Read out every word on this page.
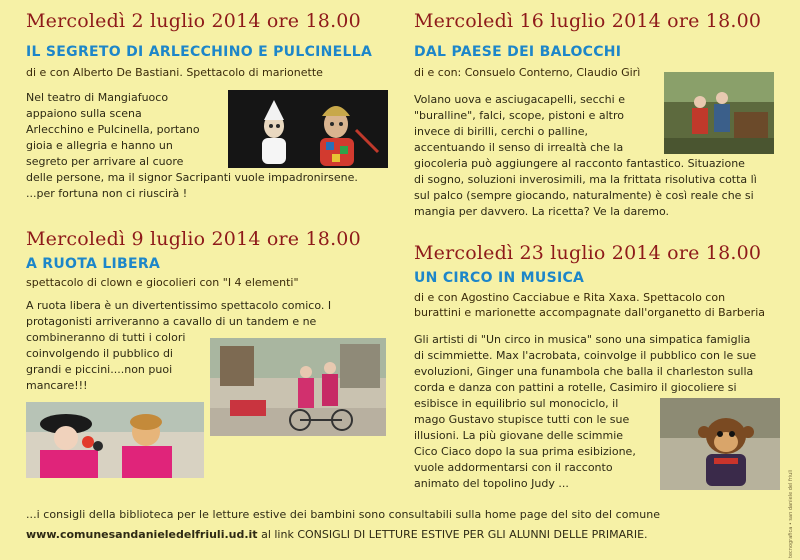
Mercoledì 2 luglio 2014 ore 18.00
IL SEGRETO DI ARLECCHINO E PULCINELLA
di e con Alberto De Bastiani. Spettacolo di marionette
Nel teatro di Mangiafuoco
appaiono sulla scena
Arlecchino e Pulcinella, portano
gioia e allegria e hanno un
segreto per arrivare al cuore
delle persone, ma il signor Sacripanti vuole impadronirsene.
...per fortuna non ci riuscirà !
Mercoledì 9 luglio 2014 ore 18.00
A RUOTA LIBERA
spettacolo di clown e giocolieri con "I 4 elementi"
A ruota libera è un divertentissimo spettacolo comico. I
protagonisti arriveranno a cavallo di un tandem e ne
combineranno di tutti i colori
coinvolgendo il pubblico di
grandi e piccini....non puoi
mancare!!!
Mercoledì 16 luglio 2014 ore 18.00
DAL PAESE DEI BALOCCHI
di e con: Consuelo Conterno, Claudio Girì
Volano uova e asciugacapelli, secchi e
"buralline", falci, scope, pistoni e altro
invece di birilli, cerchi o palline,
accentuando il senso di irrealtà che la
giocoleria può aggiungere al racconto fantastico. Situazione
di sogno, soluzioni inverosimili, ma la frittata risolutiva cotta lì
sul palco (sempre giocando, naturalmente) è così reale che si
mangia per davvero. La ricetta? Ve la daremo.
Mercoledì 23 luglio 2014 ore 18.00
UN CIRCO IN MUSICA
di e con Agostino Cacciabue e Rita Xaxa. Spettacolo con
burattini e marionette accompagnate dall'organetto di Barberia
Gli artisti di "Un circo in musica" sono una simpatica famiglia
di scimmiette. Max l'acrobata, coinvolge il pubblico con le sue
evoluzioni, Ginger una funambola che balla il charleston sulla
corda e danza con pattini a rotelle, Casimiro il giocoliere si
esibisce in equilibrio sul monociclo, il
mago Gustavo stupisce tutti con le sue
illusioni. La più giovane delle scimmie
Cico Ciaco dopo la sua prima esibizione,
vuole addormentarsi con il racconto
animato del topolino Judy ...
...i consigli della biblioteca per le letture estive dei bambini sono consultabili sulla home page del sito del comune
www.comunesandanieledelfriuli.ud.it al link CONSIGLI DI LETTURE ESTIVE PER GLI ALUNNI DELLE PRIMARIE.	tecnografica • san daniele del friuli
